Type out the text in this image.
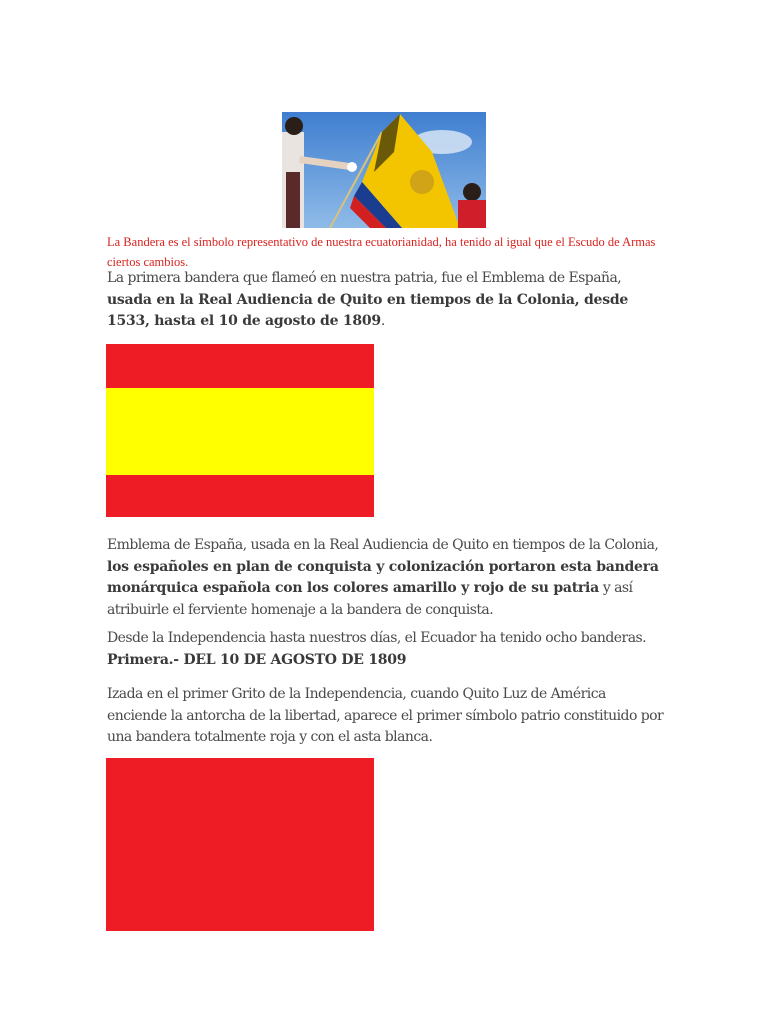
La Bandera es el símbolo representativo de nuestra ecuatorianidad, ha tenido al igual que el Escudo de Armas ciertos cambios.
La primera bandera que flameó en nuestra patria, fue el Emblema de España, usada en la Real Audiencia de Quito en tiempos de la Colonia, desde 1533, hasta el 10 de agosto de 1809.
Emblema de España, usada en la Real Audiencia de Quito en tiempos de la Colonia, los españoles en plan de conquista y colonización portaron esta bandera monárquica española con los colores amarillo y rojo de su patria y así atribuirle el ferviente homenaje a la bandera de conquista.
Desde la Independencia hasta nuestros días, el Ecuador ha tenido ocho banderas.
Primera.- DEL 10 DE AGOSTO DE 1809
Izada en el primer Grito de la Independencia, cuando Quito Luz de América enciende la antorcha de la libertad, aparece el primer símbolo patrio constituido por una bandera totalmente roja y con el asta blanca.
